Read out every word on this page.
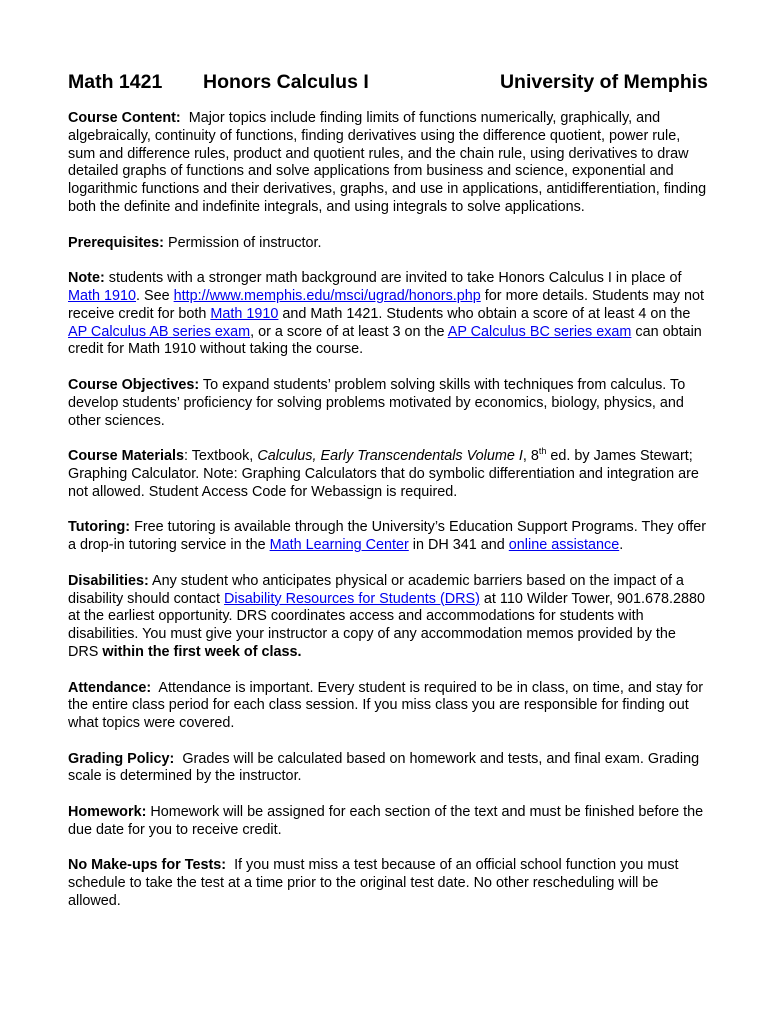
Math 1421	Honors Calculus I	University of Memphis

Course Content: Major topics include finding limits of functions numerically, graphically, and algebraically, continuity of functions, finding derivatives using the difference quotient, power rule, sum and difference rules, product and quotient rules, and the chain rule, using derivatives to draw detailed graphs of functions and solve applications from business and science, exponential and logarithmic functions and their derivatives, graphs, and use in applications, antidifferentiation, finding both the definite and indefinite integrals, and using integrals to solve applications.

Prerequisites: Permission of instructor.

Note: students with a stronger math background are invited to take Honors Calculus I in place of Math 1910. See http://www.memphis.edu/msci/ugrad/honors.php for more details. Students may not receive credit for both Math 1910 and Math 1421. Students who obtain a score of at least 4 on the AP Calculus AB series exam, or a score of at least 3 on the AP Calculus BC series exam can obtain credit for Math 1910 without taking the course.

Course Objectives: To expand students’ problem solving skills with techniques from calculus. To develop students’ proficiency for solving problems motivated by economics, biology, physics, and other sciences.

Course Materials: Textbook, Calculus, Early Transcendentals Volume I, 8th ed. by James Stewart; Graphing Calculator. Note: Graphing Calculators that do symbolic differentiation and integration are not allowed. Student Access Code for Webassign is required.

Tutoring: Free tutoring is available through the University’s Education Support Programs. They offer a drop-in tutoring service in the Math Learning Center in DH 341 and online assistance.

Disabilities: Any student who anticipates physical or academic barriers based on the impact of a disability should contact Disability Resources for Students (DRS) at 110 Wilder Tower, 901.678.2880 at the earliest opportunity. DRS coordinates access and accommodations for students with disabilities. You must give your instructor a copy of any accommodation memos provided by the DRS within the first week of class.

Attendance: Attendance is important. Every student is required to be in class, on time, and stay for the entire class period for each class session. If you miss class you are responsible for finding out what topics were covered.

Grading Policy: Grades will be calculated based on homework and tests, and final exam. Grading scale is determined by the instructor.

Homework: Homework will be assigned for each section of the text and must be finished before the due date for you to receive credit.

No Make-ups for Tests: If you must miss a test because of an official school function you must schedule to take the test at a time prior to the original test date. No other rescheduling will be allowed.
